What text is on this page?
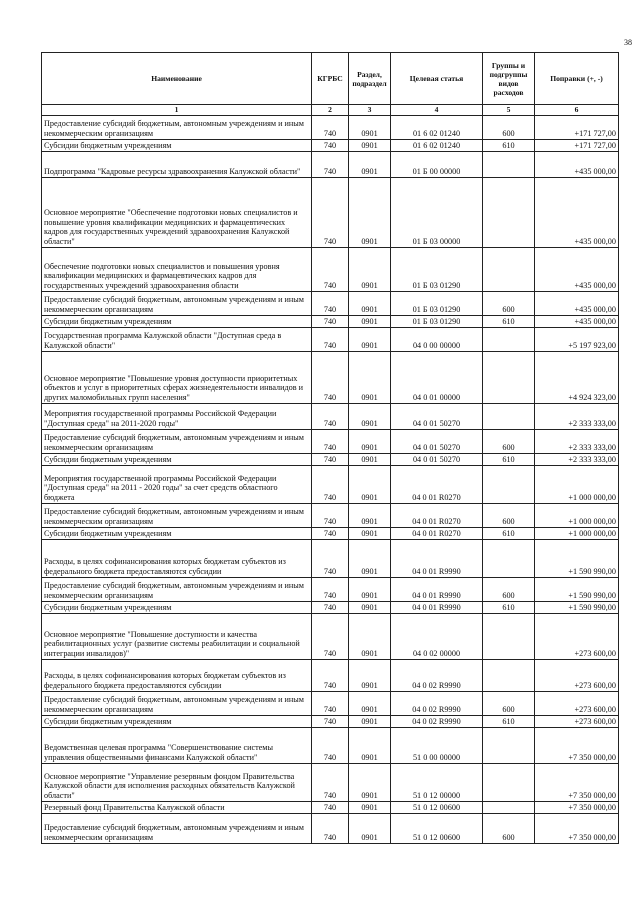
38
Наименование	КГРБС	Раздел, подраздел	Целевая статья	Группы и подгруппы видов расходов	Поправки (+, -)
1	2	3	4	5	6
Предоставление субсидий бюджетным, автономным учреждениям и иным некоммерческим организациям	740	0901	01 6 02 01240	600	+171 727,00
Субсидии бюджетным учреждениям	740	0901	01 6 02 01240	610	+171 727,00
Подпрограмма "Кадровые ресурсы здравоохранения Калужской области"	740	0901	01 Б 00 00000		+435 000,00
Основное мероприятие "Обеспечение подготовки новых специалистов и повышение уровня квалификации медицинских и фармацевтических кадров для государственных учреждений здравоохранения Калужской области"	740	0901	01 Б 03 00000		+435 000,00
Обеспечение подготовки новых специалистов и повышения уровня квалификации медицинских и фармацевтических кадров для государственных учреждений здравоохранения области	740	0901	01 Б 03 01290		+435 000,00
Предоставление субсидий бюджетным, автономным учреждениям и иным некоммерческим организациям	740	0901	01 Б 03 01290	600	+435 000,00
Субсидии бюджетным учреждениям	740	0901	01 Б 03 01290	610	+435 000,00
Государственная программа Калужской области "Доступная среда в Калужской области"	740	0901	04 0 00 00000		+5 197 923,00
Основное мероприятие "Повышение уровня доступности приоритетных объектов и услуг в приоритетных сферах жизнедеятельности инвалидов и других маломобильных групп населения"	740	0901	04 0 01 00000		+4 924 323,00
Мероприятия государственной программы Российской Федерации "Доступная среда" на 2011-2020 годы"	740	0901	04 0 01 50270		+2 333 333,00
Предоставление субсидий бюджетным, автономным учреждениям и иным некоммерческим организациям	740	0901	04 0 01 50270	600	+2 333 333,00
Субсидии бюджетным учреждениям	740	0901	04 0 01 50270	610	+2 333 333,00
Мероприятия государственной программы Российской Федерации "Доступная среда" на 2011 - 2020 годы" за счет средств областного бюджета	740	0901	04 0 01 R0270		+1 000 000,00
Предоставление субсидий бюджетным, автономным учреждениям и иным некоммерческим организациям	740	0901	04 0 01 R0270	600	+1 000 000,00
Субсидии бюджетным учреждениям	740	0901	04 0 01 R0270	610	+1 000 000,00
Расходы, в целях софинансирования которых бюджетам субъектов из федерального бюджета предоставляются субсидии	740	0901	04 0 01 R9990		+1 590 990,00
Предоставление субсидий бюджетным, автономным учреждениям и иным некоммерческим организациям	740	0901	04 0 01 R9990	600	+1 590 990,00
Субсидии бюджетным учреждениям	740	0901	04 0 01 R9990	610	+1 590 990,00
Основное мероприятие "Повышение доступности и качества реабилитационных услуг (развитие системы реабилитации и социальной интеграции инвалидов)"	740	0901	04 0 02 00000		+273 600,00
Расходы, в целях софинансирования которых бюджетам субъектов из федерального бюджета предоставляются субсидии	740	0901	04 0 02 R9990		+273 600,00
Предоставление субсидий бюджетным, автономным учреждениям и иным некоммерческим организациям	740	0901	04 0 02 R9990	600	+273 600,00
Субсидии бюджетным учреждениям	740	0901	04 0 02 R9990	610	+273 600,00
Ведомственная целевая программа "Совершенствование системы управления общественными финансами Калужской области"	740	0901	51 0 00 00000		+7 350 000,00
Основное мероприятие "Управление резервным фондом Правительства Калужской области для исполнения расходных обязательств Калужской области"	740	0901	51 0 12 00000		+7 350 000,00
Резервный фонд Правительства Калужской области	740	0901	51 0 12 00600		+7 350 000,00
Предоставление субсидий бюджетным, автономным учреждениям и иным некоммерческим организациям	740	0901	51 0 12 00600	600	+7 350 000,00
